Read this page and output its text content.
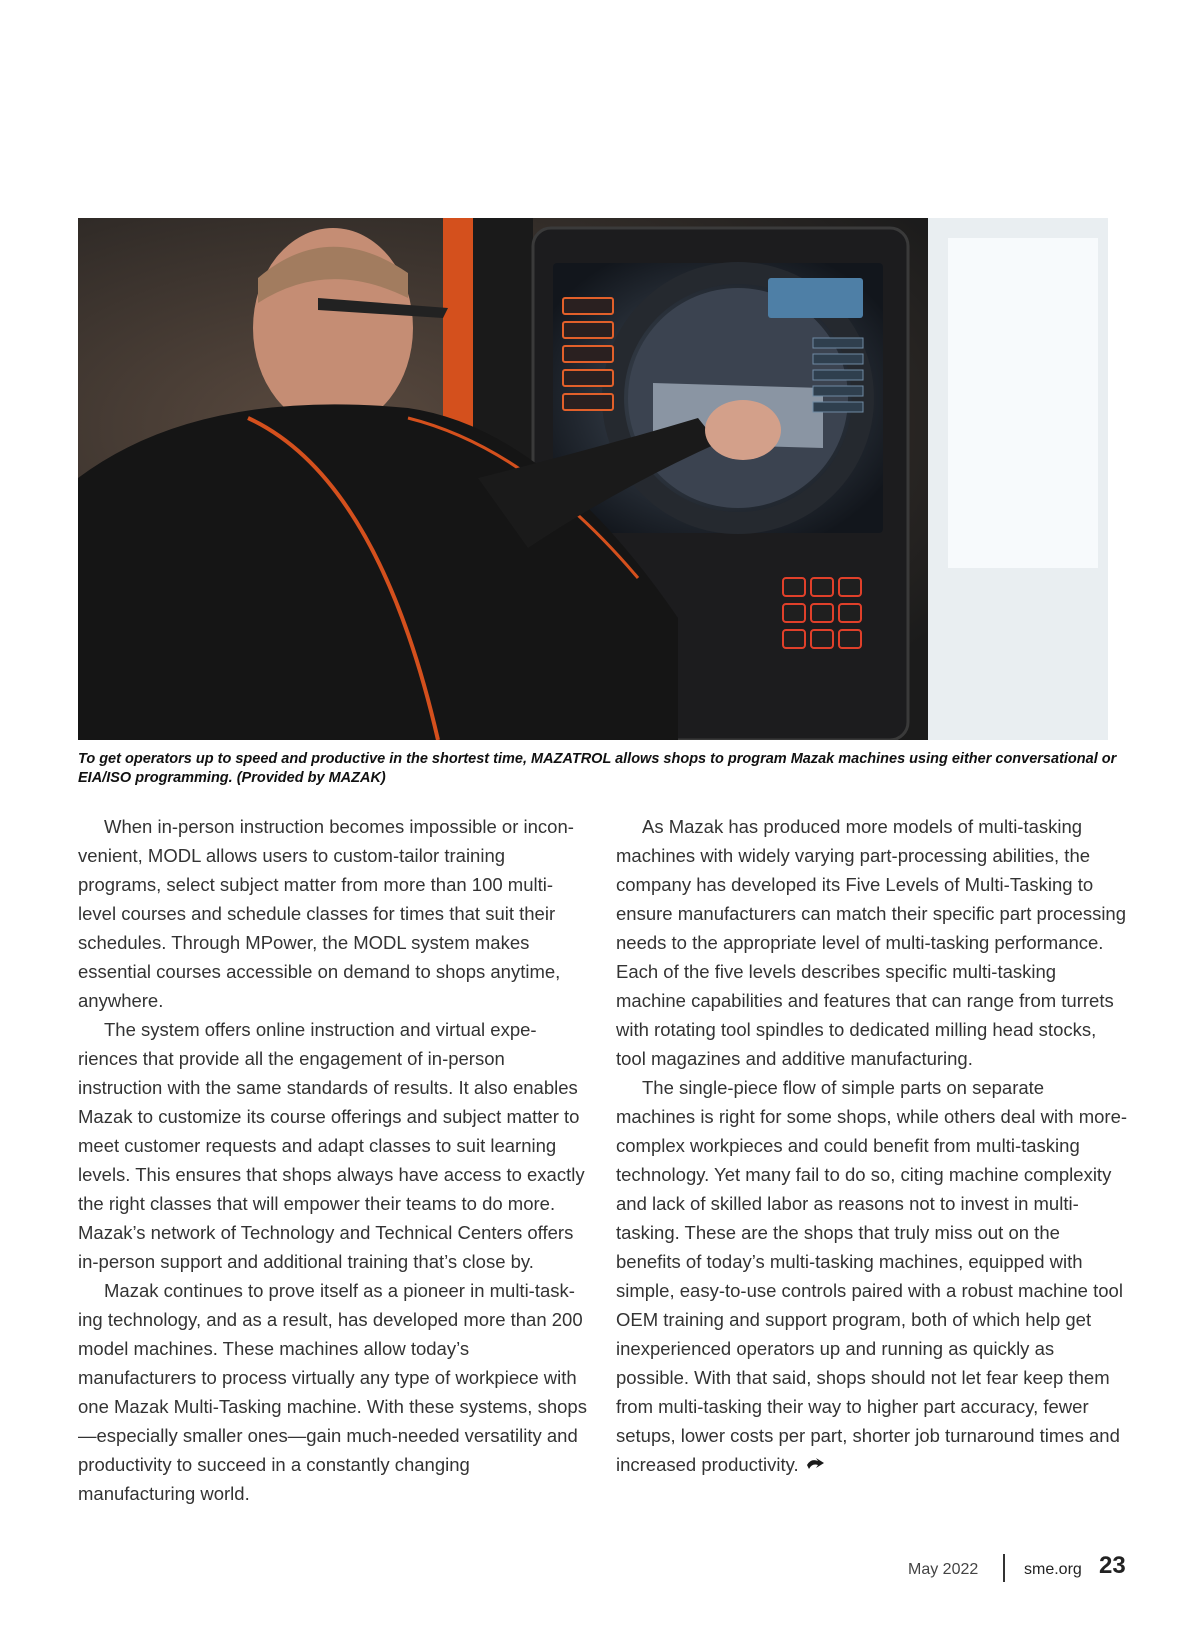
To get operators up to speed and productive in the shortest time, MAZATROL allows shops to program Mazak machines using either conversational or EIA/ISO programming. (Provided by MAZAK)

When in-person instruction becomes impossible or inconvenient, MODL allows users to custom-tailor training programs, select subject matter from more than 100 multi-level courses and schedule classes for times that suit their schedules. Through MPower, the MODL system makes essential courses accessible on demand to shops anytime, anywhere.

The system offers online instruction and virtual experiences that provide all the engagement of in-person instruction with the same standards of results. It also enables Mazak to customize its course offerings and subject matter to meet customer requests and adapt classes to suit learning levels. This ensures that shops always have access to exactly the right classes that will empower their teams to do more. Mazak’s network of Technology and Technical Centers offers in-person support and additional training that’s close by.

Mazak continues to prove itself as a pioneer in multi-tasking technology, and as a result, has developed more than 200 model machines. These machines allow today’s manufacturers to process virtually any type of workpiece with one Mazak Multi-Tasking machine. With these systems, shops—especially smaller ones—gain much-needed versatility and productivity to succeed in a constantly changing manufacturing world.

As Mazak has produced more models of multi-tasking machines with widely varying part-processing abilities, the company has developed its Five Levels of Multi-Tasking to ensure manufacturers can match their specific part processing needs to the appropriate level of multi-tasking performance. Each of the five levels describes specific multi-tasking machine capabilities and features that can range from turrets with rotating tool spindles to dedicated milling head stocks, tool magazines and additive manufacturing.

The single-piece flow of simple parts on separate machines is right for some shops, while others deal with more-complex workpieces and could benefit from multi-tasking technology. Yet many fail to do so, citing machine complexity and lack of skilled labor as reasons not to invest in multi-tasking. These are the shops that truly miss out on the benefits of today’s multi-tasking machines, equipped with simple, easy-to-use controls paired with a robust machine tool OEM training and support program, both of which help get inexperienced operators up and running as quickly as possible. With that said, shops should not let fear keep them from multi-tasking their way to higher part accuracy, fewer setups, lower costs per part, shorter job turnaround times and increased productivity.

May 2022	sme.org 23
